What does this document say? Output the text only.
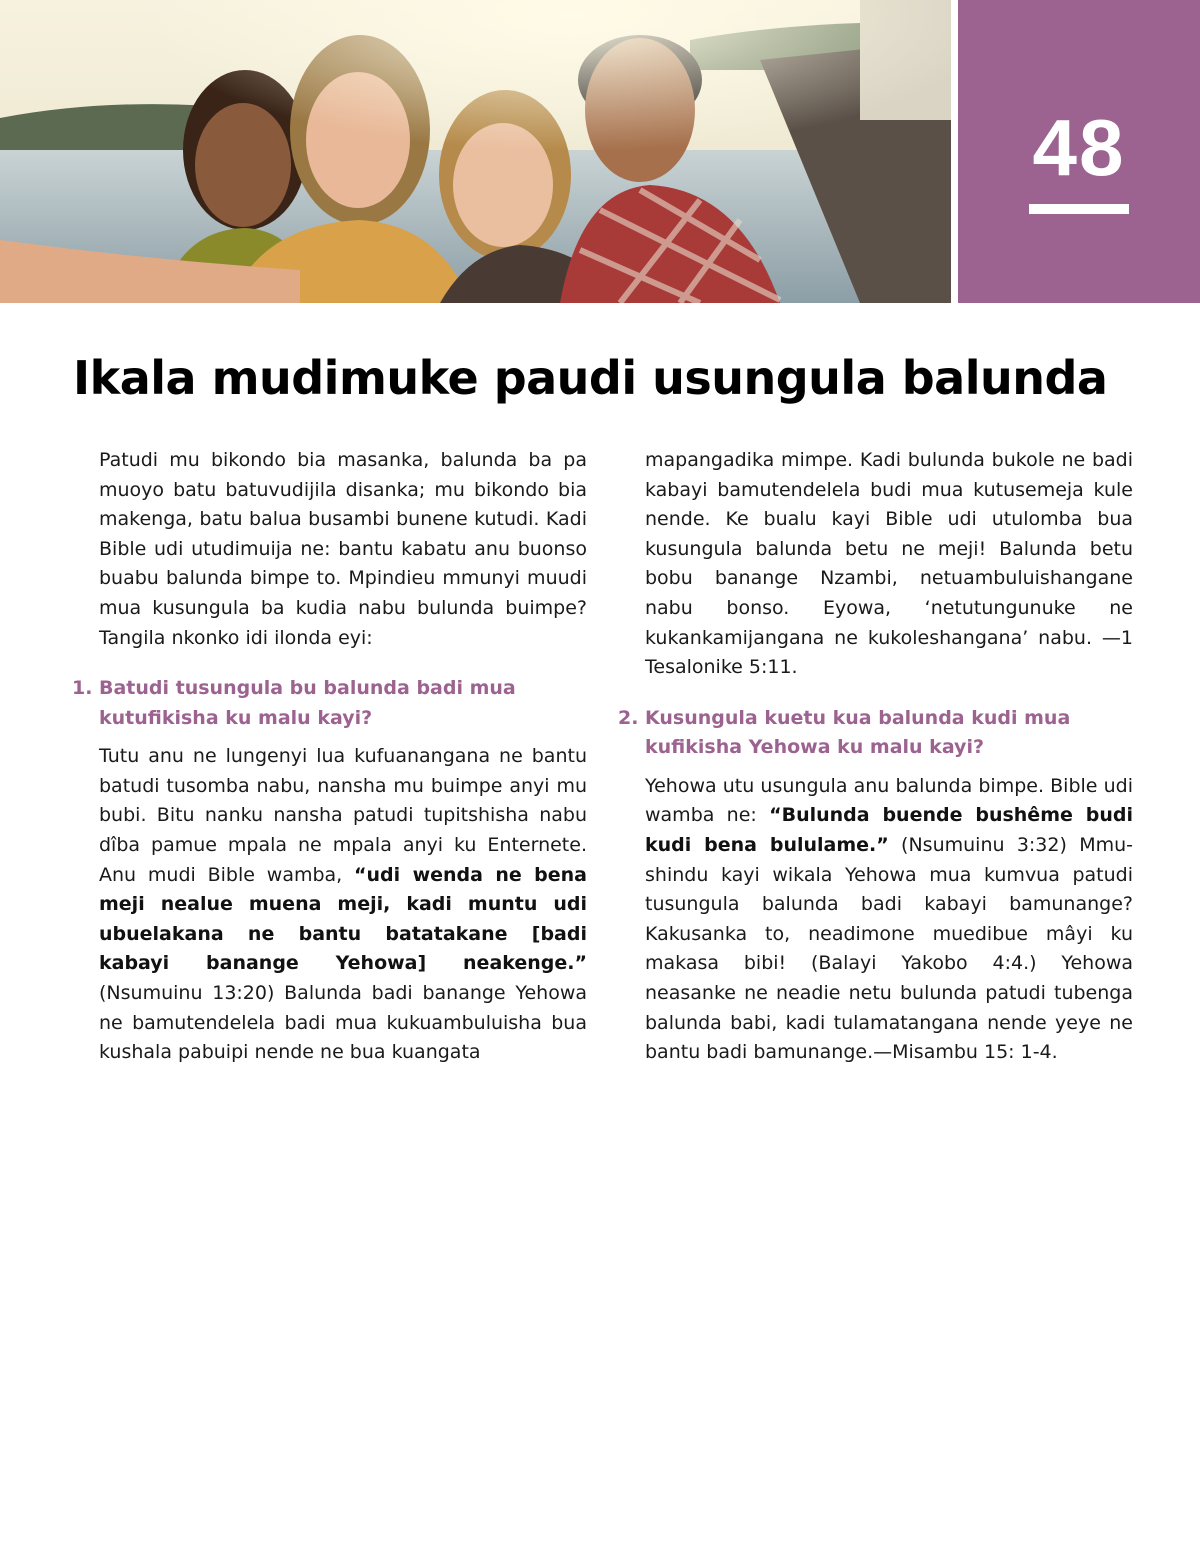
48
Ikala mudimuke paudi usungula balunda

Patudi mu bikondo bia masanka, balunda ba pa muoyo batu batuvudijila disanka; mu bikondo bia makenga, batu balua busambi bunene kutudi. Kadi Bible udi utudimuija ne: bantu kabatu anu buonso buabu balunda bimpe to. Mpindieu mmunyi muudi mua kusungula ba kudia nabu bulunda buimpe? Tangila nkonko idi ilonda eyi:

1. Batudi tusungula bu balunda badi mua kutufikisha ku malu kayi?

Tutu anu ne lungenyi lua kufuanangana ne bantu batudi tusomba nabu, nansha mu buimpe anyi mu bubi. Bitu nanku nansha patudi tupitshisha nabu dîba pamue mpala ne mpala anyi ku Enternete. Anu mudi Bible wamba, “udi wenda ne bena meji nealue muena meji, kadi muntu udi ubuelakana ne bantu batatakane [badi kabayi banange Yehowa] neakenge.” (Nsumuinu 13:20) Balunda badi banange Yehowa ne bamutendelela badi mua kukuambuluisha bua kushala pabuipi nende ne bua kuangata

mapangadika mimpe. Kadi bulunda bukole ne badi kabayi bamutendelela budi mua kutusemeja kule nende. Ke bualu kayi Bible udi utulomba bua kusungula balunda betu ne meji! Balunda betu bobu banange Nzambi, netuambuluishangane nabu bonso. Eyowa, ‘netutungunuke ne kukankamijangana ne kukoleshangana’ nabu. —1 Tesalonike 5:11.

2. Kusungula kuetu kua balunda kudi mua kufikisha Yehowa ku malu kayi?

Yehowa utu usungula anu balunda bimpe. Bible udi wamba ne: “Bulunda buende bushême budi kudi bena bululame.” (Nsumuinu 3:32) Mmushindu kayi wikala Yehowa mua kumvua patudi tusungula balunda badi kabayi bamunange? Kakusanka to, neadimone muedibue mâyi ku makasa bibi! (Balayi Yakobo 4:4.) Yehowa neasanke ne neadie netu bulunda patudi tubenga balunda babi, kadi tulamatangana nende yeye ne bantu badi bamunange.—Misambu 15: 1-4.
